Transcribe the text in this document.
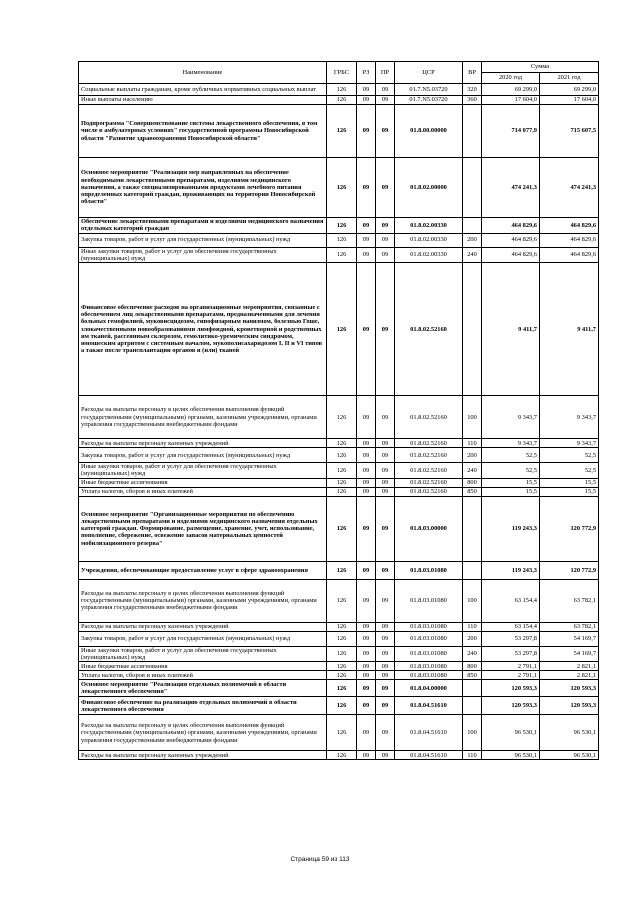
Наименование	ГРБС	РЗ	ПР	ЦСР	ВР	Сумма	
						2020 год	2021 год
Социальные выплаты гражданам, кроме публичных нормативных социальных выплат	126	09	09	01.7.N5.03720	320	69 299,0	69 299,0
Иные выплаты населению	126	09	09	01.7.N5.03720	360	17 604,0	17 604,0
Подпрограмма "Совершенствование системы лекарственного обеспечения, в том числе в амбулаторных условиях" государственной программы Новосибирской области "Развитие здравоохранения Новосибирской области"	126	09	09	01.8.00.00000		714 077,9	715 607,5
Основное мероприятие "Реализация мер направленных на обеспечение необходимыми лекарственными препаратами, изделиями медицинского назначения, а также специализированными продуктами лечебного питания определенных категорий граждан, проживающих на территории Новосибирской области"	126	09	09	01.8.02.00000		474 241,3	474 241,3
Обеспечение лекарственными препаратами и изделиями медицинского назначения отдельных категорий граждан	126	09	09	01.8.02.00330		464 829,6	464 829,6
Закупка товаров, работ и услуг для государственных (муниципальных) нужд	126	09	09	01.8.02.00330	200	464 829,6	464 829,6
Иные закупки товаров, работ и услуг для обеспечения государственных (муниципальных) нужд	126	09	09	01.8.02.00330	240	464 829,6	464 829,6
Финансовое обеспечение расходов на организационные мероприятия, связанные с обеспечением лиц лекарственными препаратами, предназначенными для лечения больных гемофилией, муковисцидозом, гипофизарным нанизмом, болезнью Гоше, злокачественными новообразованиями лимфоидной, кроветворной и родственных им тканей, рассеянным склерозом, гемолитико-уремическим синдромом, юношеским артритом с системным началом, мукополисахаридозом I, II и VI типов а также после трансплантации органов и (или) тканей	126	09	09	01.8.02.52160		9 411,7	9 411,7
Расходы на выплаты персоналу в целях обеспечения выполнения функций государственными (муниципальными) органами, казенными учреждениями, органами управления государственными внебюджетными фондами	126	09	09	01.8.02.52160	100	9 343,7	9 343,7
Расходы на выплаты персоналу казенных учреждений	126	09	09	01.8.02.52160	110	9 343,7	9 343,7
Закупка товаров, работ и услуг для государственных (муниципальных) нужд	126	09	09	01.8.02.52160	200	52,5	52,5
Иные закупки товаров, работ и услуг для обеспечения государственных (муниципальных) нужд	126	09	09	01.8.02.52160	240	52,5	52,5
Иные бюджетные ассигнования	126	09	09	01.8.02.52160	800	15,5	15,5
Уплата налогов, сборов и иных платежей	126	09	09	01.8.02.52160	850	15,5	15,5
Основное мероприятие "Организационные мероприятия по обеспечению лекарственными препаратами и изделиями медицинского назначения отдельных категорий граждан. Формирование, размещение, хранение, учет, использование, пополнение, сбережение, освежение запасов материальных ценностей мобилизационного резерва"	126	09	09	01.8.03.00000		119 243,3	120 772,9
Учреждения, обеспечивающие предоставление услуг в сфере здравоохранения	126	09	09	01.8.03.01080		119 243,3	120 772,9
Расходы на выплаты персоналу в целях обеспечения выполнения функций государственными (муниципальными) органами, казенными учреждениями, органами управления государственными внебюджетными фондами	126	09	09	01.8.03.01080	100	63 154,4	63 782,1
Расходы на выплаты персоналу казенных учреждений	126	09	09	01.8.03.01080	110	63 154,4	63 782,1
Закупка товаров, работ и услуг для государственных (муниципальных) нужд	126	09	09	01.8.03.01080	200	53 297,8	54 169,7
Иные закупки товаров, работ и услуг для обеспечения государственных (муниципальных) нужд	126	09	09	01.8.03.01080	240	53 297,8	54 169,7
Иные бюджетные ассигнования	126	09	09	01.8.03.01080	800	2 791,1	2 821,1
Уплата налогов, сборов и иных платежей	126	09	09	01.8.03.01080	850	2 791,1	2 821,1
Основное мероприятие "Реализация отдельных полномочий в области лекарственного обеспечения"	126	09	09	01.8.04.00000		120 593,3	120 593,3
Финансовое обеспечение на реализацию отдельных полномочий в области лекарственного обеспечения	126	09	09	01.8.04.51610		120 593,3	120 593,3
Расходы на выплаты персоналу в целях обеспечения выполнения функций государственными (муниципальными) органами, казенными учреждениями, органами управления государственными внебюджетными фондами	126	09	09	01.8.04.51610	100	96 530,1	96 530,1
Расходы на выплаты персоналу казенных учреждений	126	09	09	01.8.04.51610	110	96 530,1	96 530,1
Страница 59 из 113
